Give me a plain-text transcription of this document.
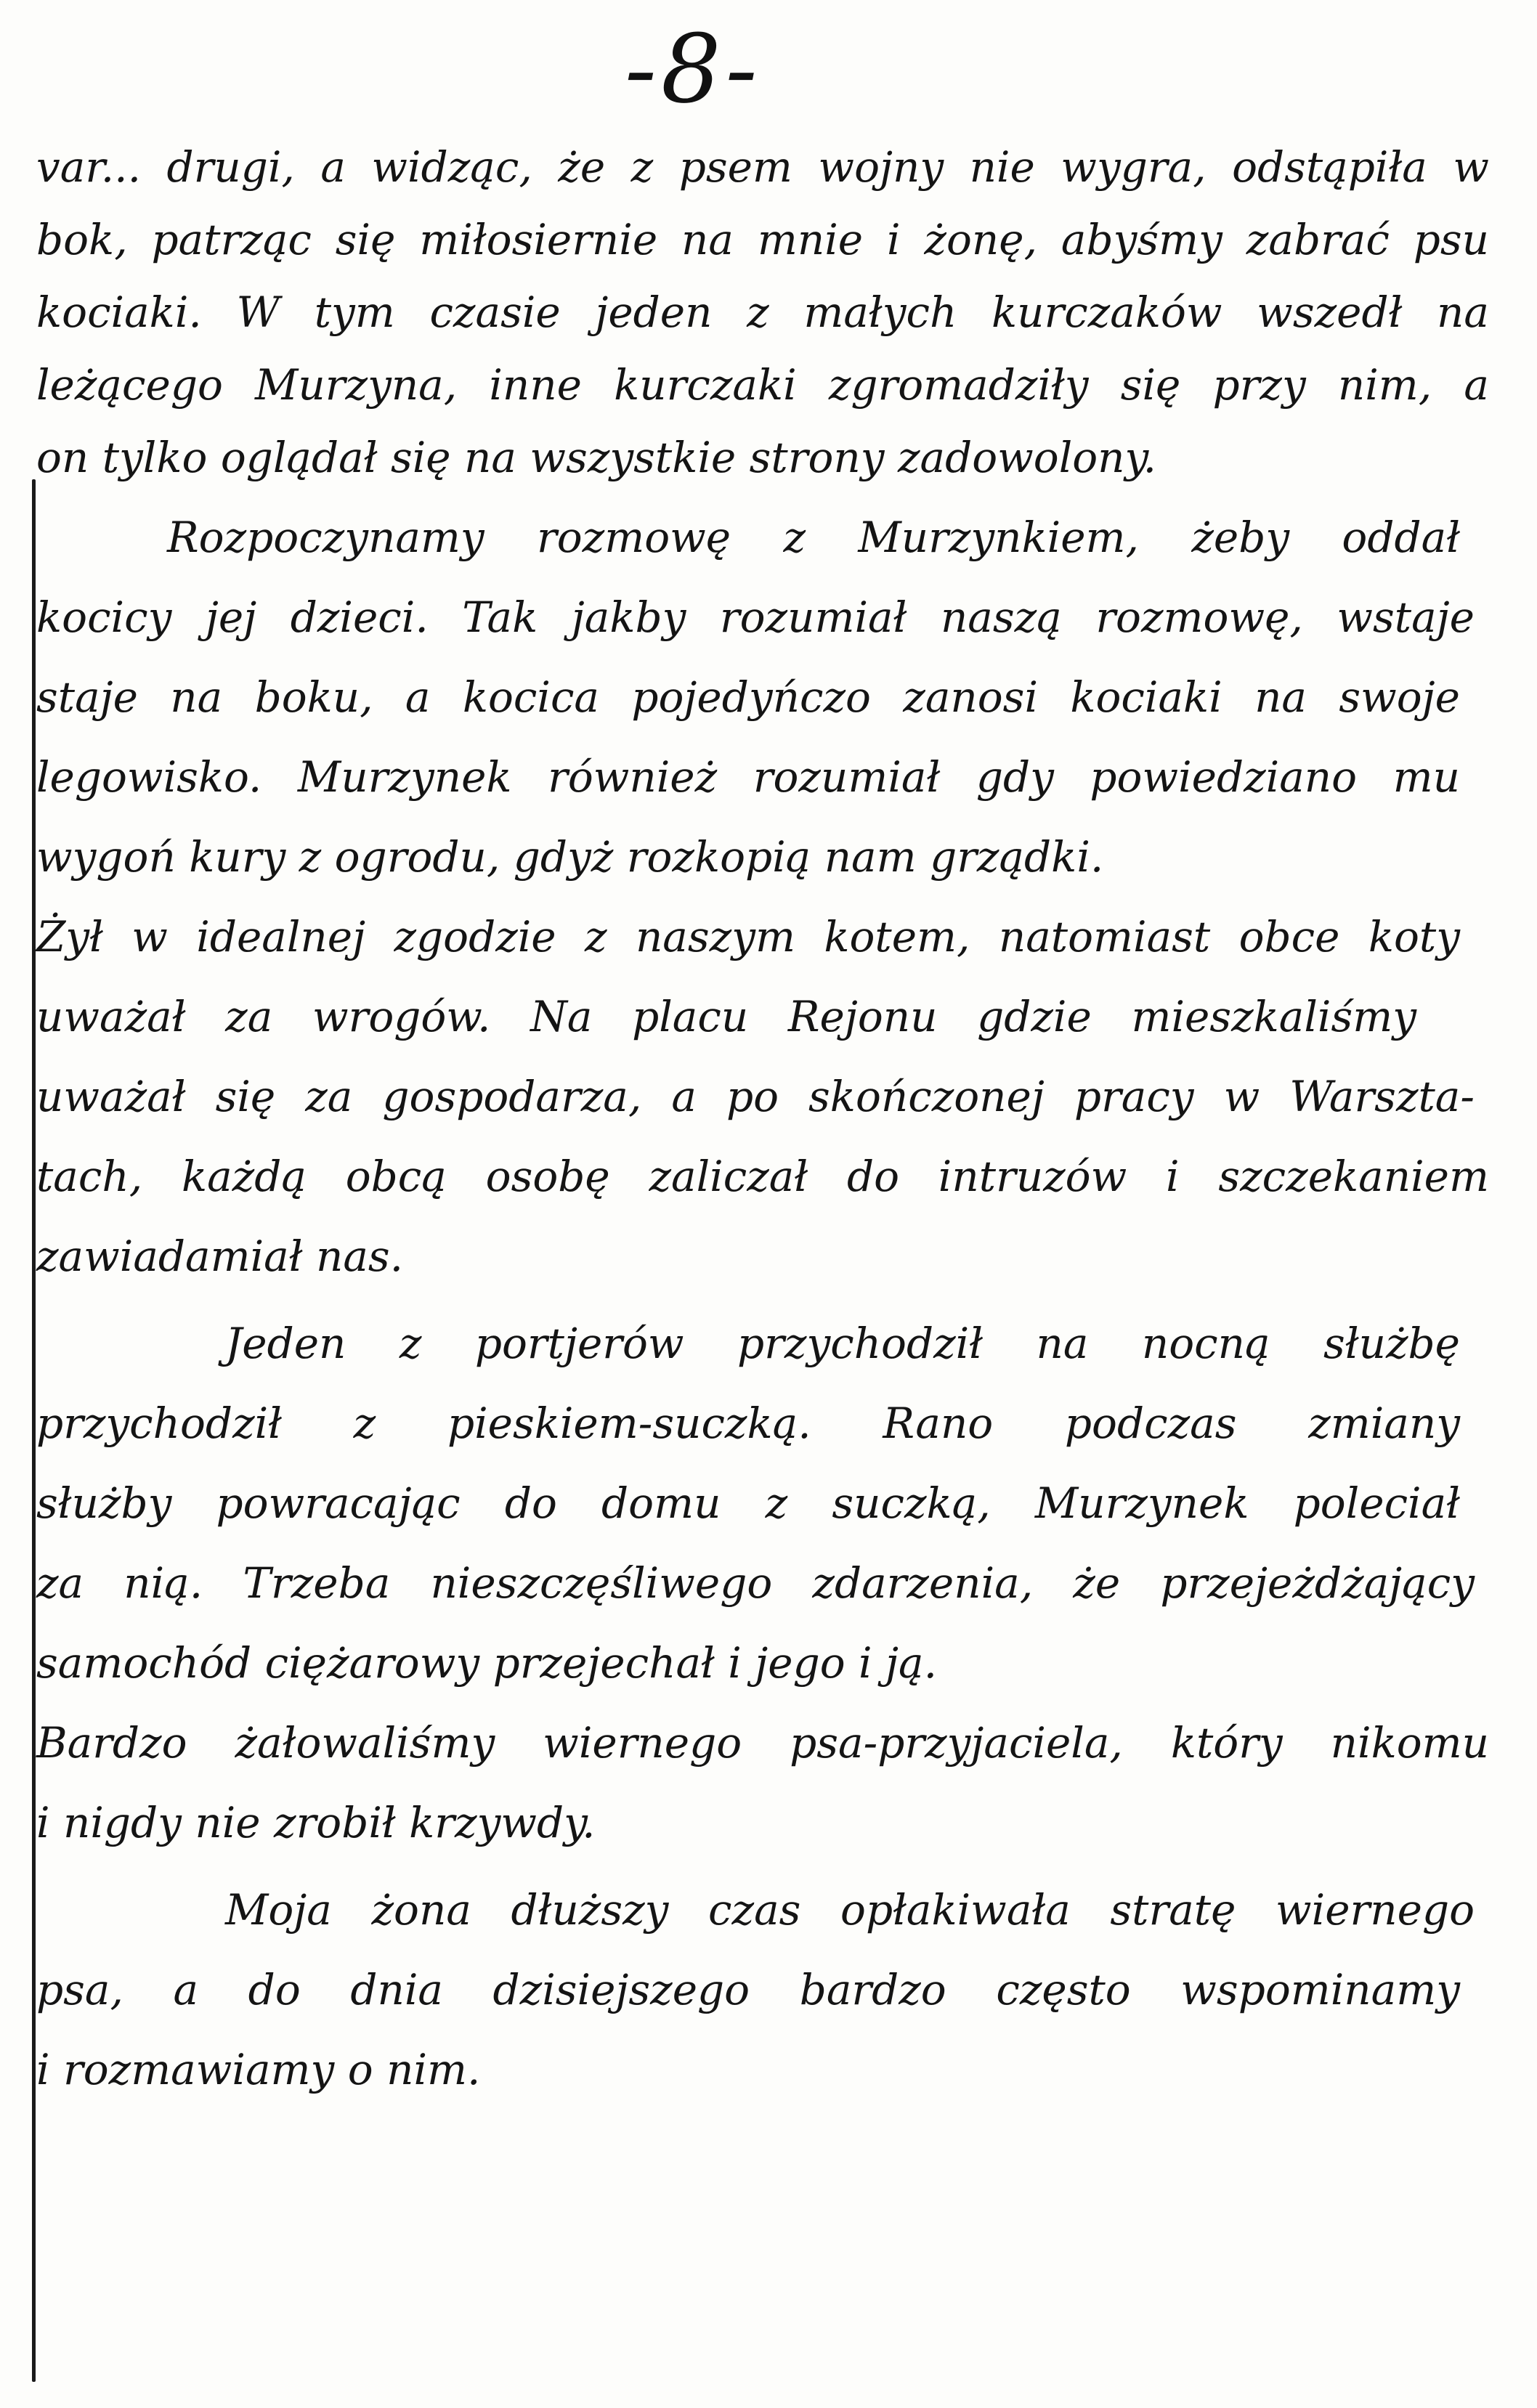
-8-
var... drugi, a widząc, że z psem wojny nie wygra, odstąpiła w
bok, patrząc się miłosiernie na mnie i żonę, abyśmy zabrać psu
kociaki. W tym czasie jeden z małych kurczaków wszedł na
leżącego Murzyna, inne kurczaki zgromadziły się przy nim, a
on tylko oglądał się na wszystkie strony zadowolony.
Rozpoczynamy rozmowę z Murzynkiem, żeby oddał
kocicy jej dzieci. Tak jakby rozumiał naszą rozmowę, wstaje
staje na boku, a kocica pojedyńczo zanosi kociaki na swoje
legowisko. Murzynek również rozumiał gdy powiedziano mu
wygoń kury z ogrodu, gdyż rozkopią nam grządki.
Żył w idealnej zgodzie z naszym kotem, natomiast obce koty
uważał za wrogów. Na placu Rejonu gdzie mieszkaliśmy
uważał się za gospodarza, a po skończonej pracy w Warszta-
tach, każdą obcą osobę zaliczał do intruzów i szczekaniem
zawiadamiał nas.
Jeden z portjerów przychodził na nocną służbę
przychodził z pieskiem-suczką. Rano podczas zmiany
służby powracając do domu z suczką, Murzynek poleciał
za nią. Trzeba nieszczęśliwego zdarzenia, że przejeżdżający
samochód ciężarowy przejechał i jego i ją.
Bardzo żałowaliśmy wiernego psa-przyjaciela, który nikomu
i nigdy nie zrobił krzywdy.
Moja żona dłuższy czas opłakiwała stratę wiernego
psa, a do dnia dzisiejszego bardzo często wspominamy
i rozmawiamy o nim.
